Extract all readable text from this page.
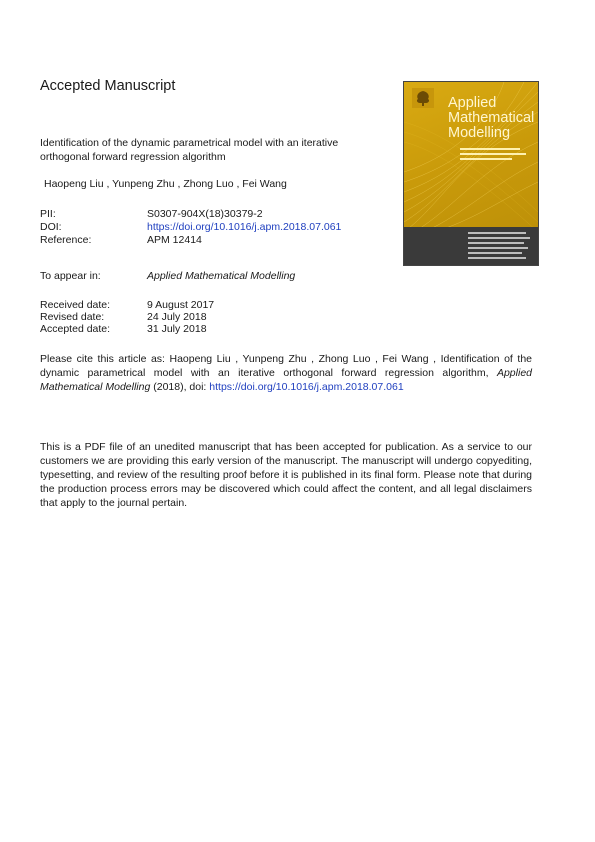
Accepted Manuscript
Identification of the dynamic parametrical model with an iterative orthogonal forward regression algorithm
Haopeng Liu , Yunpeng Zhu , Zhong Luo , Fei Wang
PII:	S0307-904X(18)30379-2
DOI:	https://doi.org/10.1016/j.apm.2018.07.061
Reference:	APM 12414
To appear in:	Applied Mathematical Modelling
Received date:	9 August 2017
Revised date:	24 July 2018
Accepted date:	31 July 2018
Please cite this article as: Haopeng Liu , Yunpeng Zhu , Zhong Luo , Fei Wang , Identification of the dynamic parametrical model with an iterative orthogonal forward regression algorithm, Applied Mathematical Modelling (2018), doi: https://doi.org/10.1016/j.apm.2018.07.061
This is a PDF file of an unedited manuscript that has been accepted for publication. As a service to our customers we are providing this early version of the manuscript. The manuscript will undergo copyediting, typesetting, and review of the resulting proof before it is published in its final form. Please note that during the production process errors may be discovered which could affect the content, and all legal disclaimers that apply to the journal pertain.
Applied
Mathematical
Modelling
